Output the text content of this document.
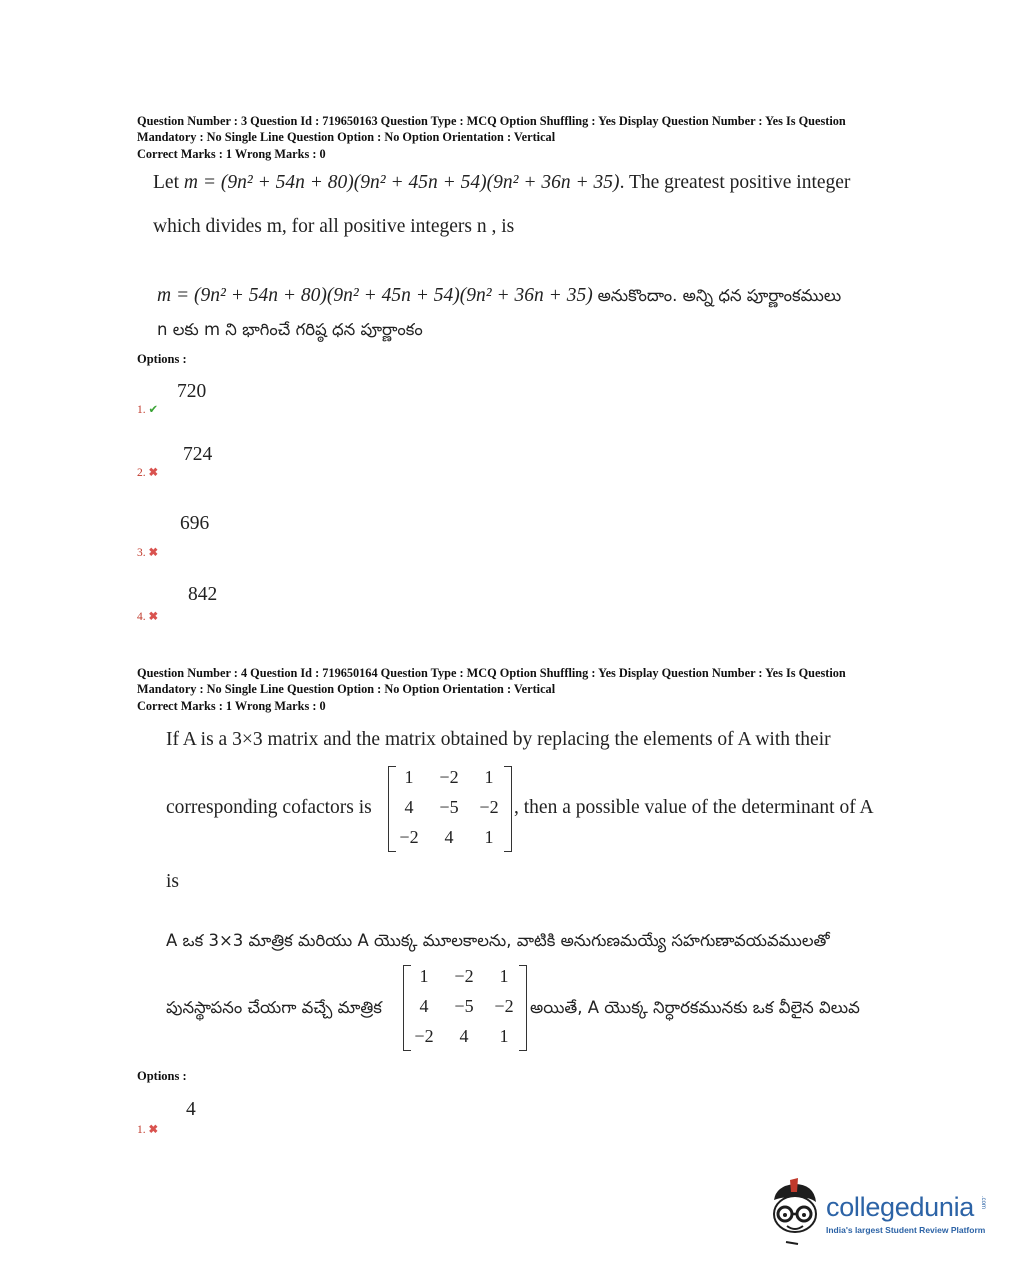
Question Number : 3 Question Id : 719650163 Question Type : MCQ Option Shuffling : Yes Display Question Number : Yes Is Question
Mandatory : No Single Line Question Option : No Option Orientation : Vertical
Correct Marks : 1 Wrong Marks : 0
Let m = (9n² + 54n + 80)(9n² + 45n + 54)(9n² + 36n + 35). The greatest positive integer
which divides m, for all positive integers n , is
m = (9n² + 54n + 80)(9n² + 45n + 54)(9n² + 36n + 35) అనుకొందాం. అన్ని ధన పూర్ణాంకములు
n లకు m ని భాగించే గరిష్ఠ ధన పూర్ణాంకం
Options :
1. ✔
720
2. ✖
724
3. ✖
696
4. ✖
842
Question Number : 4 Question Id : 719650164 Question Type : MCQ Option Shuffling : Yes Display Question Number : Yes Is Question
Mandatory : No Single Line Question Option : No Option Orientation : Vertical
Correct Marks : 1 Wrong Marks : 0
If A is a 3×3 matrix and the matrix obtained by replacing the elements of A with their
corresponding cofactors is
1	−2	1
4	−5	−2
−2	4	1
, then a possible value of the determinant of A
is
A ఒక 3×3 మాత్రిక మరియు A యొక్క మూలకాలను, వాటికి అనుగుణమయ్యే సహగుణావయవములతో
పునస్థాపనం చేయగా వచ్చే మాత్రిక
1	−2	1
4	−5	−2
−2	4	1
అయితే, A యొక్క నిర్ధారకమునకు ఒక వీలైన విలువ
Options :
1. ✖
4
collegedunia .com
India's largest Student Review Platform
